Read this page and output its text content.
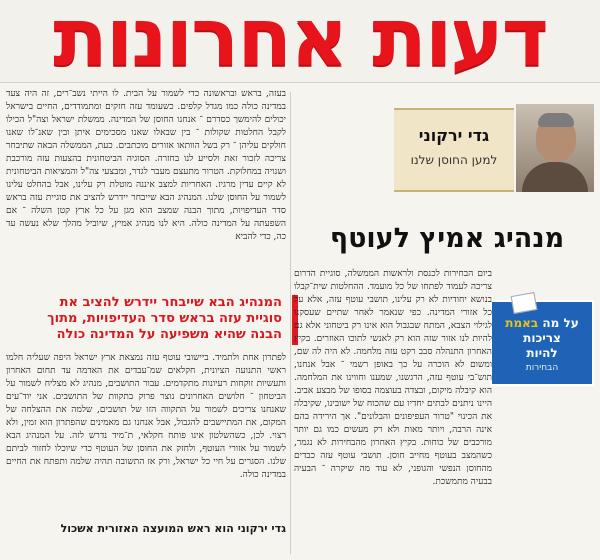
דעות אחרונות

בעזה, בראש ובראשונה כדי לשמור על הבית. לו הייתי נשב־רים, זה היה צעד במדינה כולה כמו מגדל קלפים. כשעומד עזה חזקים ומתמודדים, החיים בישראל יכולים להימשך כסדרם ־ אנחנו החוסן של המדינה. ממשלת ישראל וצה"ל הכילו לקבל החלטות שקולות ־ בין שבאלו שאנו מסכימים איתן ובין שאנ־לו שאנו חולקים עליהן ־ רק בשל הוותאו אזורים מוכתבים. כעת, הממשלה הבאה שתיבחר צריכה לזכור זאת ולסייע לנו בחזרה. הסוגיה הביטחונית בהצעות עזה מורכבת ושנויה במחלוקת. הטרור מתעצם מעבר לגדר, ומבצעי צה"ל והמציאות הביטחונית לא קיים עדין מרגיז. האחריות למצב איננה מוטלת רק עלינו, אבל בהחלט עלינו לשמור על החוסן שלנו. המנהיג הבא שייבחר יידרש להציב את סוגיית עזה בראש סדר העדיפויות, מתוך הבנה שמצב הוא מגן על כל ארץ קטן השלה ־ אם השפעתה על המדינה כולה. היא לנו מנהיג אמיץ, שיוביל מהלך שלא נעשה עד כה, כדי להביא

המנהיג הבא שייבחר יידרש להציב את סוגיית עזה בראש סדר העדיפויות, מתוך הבנה שהיא משפיעה על המדינה כולה

לפתרון אחת ולתמיד. ביישובי עוטף עזה נמצאת ארץ ישראל היפה שעליה חלמו ראשי התנועה הציונית, חקלאים שמ־עבדים את האדמה עד תחום האחרון ותעשיות זוקחות רעיונות מתקדמים. עבור התושבים, מנהיג לא מצליח לשמור על הביטחון ־ חלושים האחרונים נוצר פרוק בתקוות של התושבים. אני יוד־עים שאנחנו צריכים לשמור על התקווה הזו של תושבים, שלמה את ההצלחה של המקום, את המתיישבים להגבול, אבל אנחנו גם מאמינים שהפתרון הוא זמין, ולא רצוי. לכן, כשהשלטון אינו פותח חקלאי, ת־מיד נדרש לזה. על המנהיג הבא לשמור על אזורי העוטף, ולחזק את החוסן של העוטף כדי שיוכלו לחזור לביתם שלנו. הסגרים על חיי כל ישראל, ורק אז התשובה תהיה שלמה ותפתח את החיים במדינה כולה.

גדי ירקוני הוא ראש המועצה האזורית אשכול
גדי ירקוני
למען החוסן שלנו
מנהיג אמיץ לעוטף
על מה באמת
צריכות
להיות
הבחירות

ביום הבחירות לכנסת ולראשות הממשלה, סוגיית הדרום צריכה לעמוד לפתחו של כל מועמד. ההחלטות שית־קבלו בנושא יחודיות לא רק עלינו, תושבי עוטף עזה, אלא על כל אזורי המדינה. כפי שנאמר לאחר שתיים שעסקנו לגילוי הצבא, המתח שבגבול הוא אינו רק ביטחוני אלא גם להיות לנו אזור שזה הוא רק לאנשי לתוכו האוזרים. בקיץ האחרון התנהלה סבב רקט עזה מלחמה. לא היה לה שם, ומשום לא הוכרה על כך באופן רשמי ־ אבל אנחנו, תוש־בי עוטף עזה, הרגשנו, שמענו וחווינו את המלחמה. הוא קיבלה מיקום, ובצדה בעוצמה בסופו של מבצע אביב. היינו ניתנים לבתים יחדיו עם שהכוח של ישובינו, שקיבלה את הכינוי "טרור העפיפונים והבלונים". אך הירידה בהם אינה הרבה, ויותר מאות ולא רק מעשים כמו גם יותר מורכבים של כוחות. בקיץ האחרון מהבחירות לא נגמר, כשהמצב בעוטף מחייב חוסן. תושבי עוטף עזה כבדים מהחוסן הנפשי והגופני, לא עוד מה שיקרה ־ הבעיה בבעיה מתמשכת.
